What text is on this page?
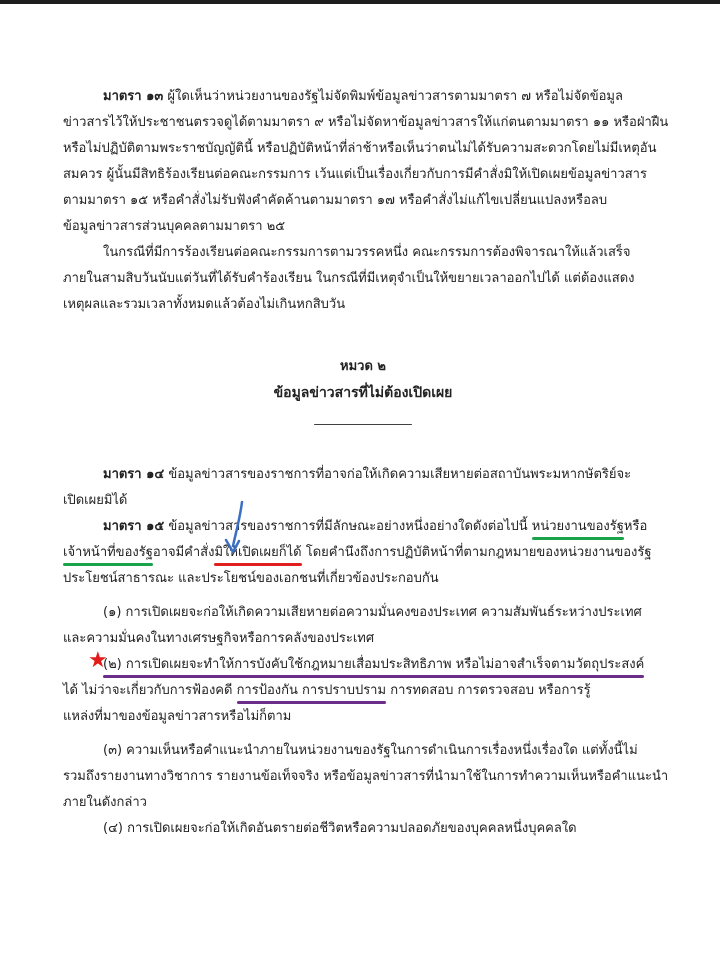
มาตรา ๑๓ ผู้ใดเห็นว่าหน่วยงานของรัฐไม่จัดพิมพ์ข้อมูลข่าวสารตามมาตรา ๗ หรือไม่จัดข้อมูล
ข่าวสารไว้ให้ประชาชนตรวจดูได้ตามมาตรา ๙ หรือไม่จัดหาข้อมูลข่าวสารให้แก่ตนตามมาตรา ๑๑ หรือฝ่าฝืน
หรือไม่ปฏิบัติตามพระราชบัญญัตินี้ หรือปฏิบัติหน้าที่ล่าช้าหรือเห็นว่าตนไม่ได้รับความสะดวกโดยไม่มีเหตุอัน
สมควร ผู้นั้นมีสิทธิร้องเรียนต่อคณะกรรมการ เว้นแต่เป็นเรื่องเกี่ยวกับการมีคำสั่งมิให้เปิดเผยข้อมูลข่าวสาร
ตามมาตรา ๑๕ หรือคำสั่งไม่รับฟังคำคัดค้านตามมาตรา ๑๗ หรือคำสั่งไม่แก้ไขเปลี่ยนแปลงหรือลบ
ข้อมูลข่าวสารส่วนบุคคลตามมาตรา ๒๕
ในกรณีที่มีการร้องเรียนต่อคณะกรรมการตามวรรคหนึ่ง คณะกรรมการต้องพิจารณาให้แล้วเสร็จ
ภายในสามสิบวันนับแต่วันที่ได้รับคำร้องเรียน ในกรณีที่มีเหตุจำเป็นให้ขยายเวลาออกไปได้ แต่ต้องแสดง
เหตุผลและรวมเวลาทั้งหมดแล้วต้องไม่เกินหกสิบวัน
หมวด ๒
ข้อมูลข่าวสารที่ไม่ต้องเปิดเผย
_______________
มาตรา ๑๔ ข้อมูลข่าวสารของราชการที่อาจก่อให้เกิดความเสียหายต่อสถาบันพระมหากษัตริย์จะ
เปิดเผยมิได้
มาตรา ๑๕ ข้อมูลข่าวสารของราชการที่มีลักษณะอย่างหนึ่งอย่างใดดังต่อไปนี้ หน่วยงานของรัฐหรือ
เจ้าหน้าที่ของรัฐอาจมีคำสั่งมิให้เปิดเผยก็ได้ โดยคำนึงถึงการปฏิบัติหน้าที่ตามกฎหมายของหน่วยงานของรัฐ
ประโยชน์สาธารณะ และประโยชน์ของเอกชนที่เกี่ยวข้องประกอบกัน
(๑) การเปิดเผยจะก่อให้เกิดความเสียหายต่อความมั่นคงของประเทศ ความสัมพันธ์ระหว่างประเทศ
และความมั่นคงในทางเศรษฐกิจหรือการคลังของประเทศ
(๒) การเปิดเผยจะทำให้การบังคับใช้กฎหมายเสื่อมประสิทธิภาพ หรือไม่อาจสำเร็จตามวัตถุประสงค์
ได้ ไม่ว่าจะเกี่ยวกับการฟ้องคดี การป้องกัน การปราบปราม การทดสอบ การตรวจสอบ หรือการรู้
แหล่งที่มาของข้อมูลข่าวสารหรือไม่ก็ตาม
(๓) ความเห็นหรือคำแนะนำภายในหน่วยงานของรัฐในการดำเนินการเรื่องหนึ่งเรื่องใด แต่ทั้งนี้ไม่
รวมถึงรายงานทางวิชาการ รายงานข้อเท็จจริง หรือข้อมูลข่าวสารที่นำมาใช้ในการทำความเห็นหรือคำแนะนำ
ภายในดังกล่าว
(๔) การเปิดเผยจะก่อให้เกิดอันตรายต่อชีวิตหรือความปลอดภัยของบุคคลหนึ่งบุคคลใด
★
